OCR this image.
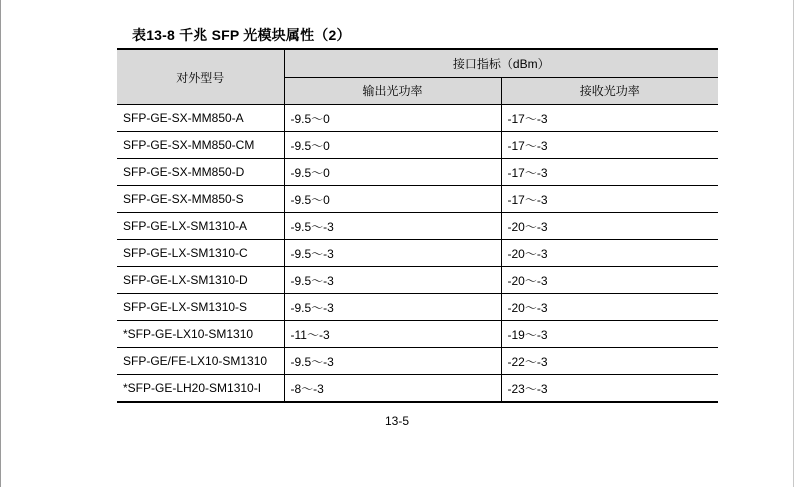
表13-8 千兆 SFP 光模块属性（2）
对外型号	接口指标（dBm）	
	输出光功率	接收光功率
SFP-GE-SX-MM850-A	-9.5～0	-17～-3
SFP-GE-SX-MM850-CM	-9.5～0	-17～-3
SFP-GE-SX-MM850-D	-9.5～0	-17～-3
SFP-GE-SX-MM850-S	-9.5～0	-17～-3
SFP-GE-LX-SM1310-A	-9.5～-3	-20～-3
SFP-GE-LX-SM1310-C	-9.5～-3	-20～-3
SFP-GE-LX-SM1310-D	-9.5～-3	-20～-3
SFP-GE-LX-SM1310-S	-9.5～-3	-20～-3
*SFP-GE-LX10-SM1310	-11～-3	-19～-3
SFP-GE/FE-LX10-SM1310	-9.5～-3	-22～-3
*SFP-GE-LH20-SM1310-I	-8～-3	-23～-3
13-5
